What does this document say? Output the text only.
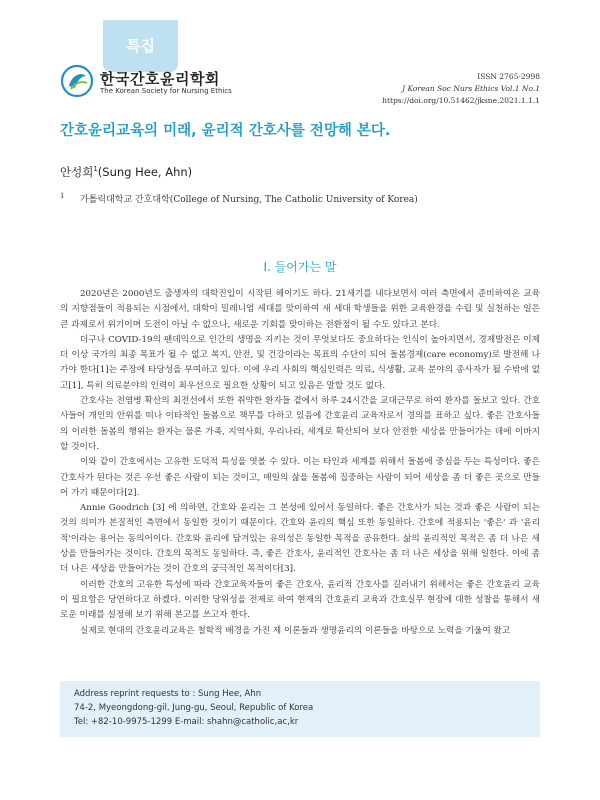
특집
한국간호윤리학회
The Korean Society for Nursing Ethics
ISSN 2765-2998
J Korean Soc Nurs Ethics Vol.1 No.1
https://doi.org/10.51462/jksne.2021.1.1.1
간호윤리교육의 미래, 윤리적 간호사를 전망해 본다.
안성희$^1$(Sung Hee, Ahn)
1 가톨릭대학교 간호대학(College of Nursing, The Catholic University of Korea)
I. 들어가는 말

2020년은 2000년도 출생자의 대학진입이 시작된 해이기도 하다. 21세기를 내다보면서 여러 측면에서 준비하여온 교육의 지향점들이 적용되는 시점에서, 대학이 밀레니엄 세대를 맞이하여 새 세대 학생들을 위한 교육환경을 수립 및 실천하는 일은 큰 과제로서 위기이며 도전이 아닐 수 없으나, 새로운 기회를 맞이하는 전환점이 될 수도 있다고 본다.

더구나 COVID-19의 팬데믹으로 인간의 생명을 지키는 것이 무엇보다도 중요하다는 인식이 높아지면서, 경제발전은 이제 더 이상 국가의 최종 목표가 될 수 없고 복지, 안전, 및 건강이라는 목표의 수단이 되어 돌봄경제(care economy)로 발전해 나가야 한다[1]는 주장에 타당성을 부여하고 있다. 이에 우리 사회의 핵심인력은 의료, 식생활, 교육 분야의 종사자가 될 수밖에 없고[1], 특히 의료분야의 인력이 최우선으로 필요한 상황이 되고 있음은 말할 것도 없다.

간호사는 전염병 확산의 최전선에서 또한 취약한 환자들 곁에서 하루 24시간을 교대근무로 하여 환자를 돌보고 있다. 간호사들이 개인의 안위를 떠나 이타적인 돌봄으로 책무를 다하고 있음에 간호윤리 교육자로서 경의를 표하고 싶다. 좋은 간호사들의 이러한 돌봄의 행위는 환자는 물론 가족, 지역사회, 우리나라, 세계로 확산되어 보다 안전한 세상을 만들어가는 데에 이바지할 것이다.

이와 같이 간호에서는 고유한 도덕적 특성을 엿볼 수 있다. 이는 타인과 세계를 위해서 돌봄에 중심을 두는 특성이다. 좋은 간호사가 된다는 것은 우선 좋은 사람이 되는 것이고, 매일의 삶을 돌봄에 집중하는 사람이 되어 세상을 좀 더 좋은 곳으로 만들어 가기 때문이다[2].

Annie Goodrich [3] 에 의하면, 간호와 윤리는 그 본성에 있어서 동일하다. 좋은 간호사가 되는 것과 좋은 사람이 되는 것의 의미가 본질적인 측면에서 동일한 것이기 때문이다. 간호와 윤리의 핵심 또한 동일하다. 간호에 적용되는 '좋은' 과 '윤리적'이라는 용어는 동의어이다. 간호와 윤리에 담겨있는 유의성은 동일한 목적을 공유한다. 삶의 윤리적인 목적은 좀 더 나은 세상을 만들어가는 것이다. 간호의 목적도 동일하다. 즉, 좋은 간호사, 윤리적인 간호사는 좀 더 나은 세상을 위해 일한다. 이에 좀 더 나은 세상을 만들어가는 것이 간호의 궁극적인 목적이다[3].

이러한 간호의 고유한 특성에 따라 간호교육자들이 좋은 간호사, 윤리적 간호사를 길러내기 위해서는 좋은 간호윤리 교육이 필요함은 당연하다고 하겠다. 이러한 당위성을 전제로 하여 현재의 간호윤리 교육과 간호실무 현장에 대한 성찰을 통해서 새로운 미래를 설정해 보기 위해 본고를 쓰고자 한다.

실제로 현대의 간호윤리교육은 철학적 배경을 가진 제 이론들과 생명윤리의 이론들을 바탕으로 노력을 기울여 왔고

Address reprint requests to : Sung Hee, Ahn
74-2, Myeongdong-gil, Jung-gu, Seoul, Republic of Korea
Tel: +82-10-9975-1299 E-mail: shahn@catholic,ac,kr
